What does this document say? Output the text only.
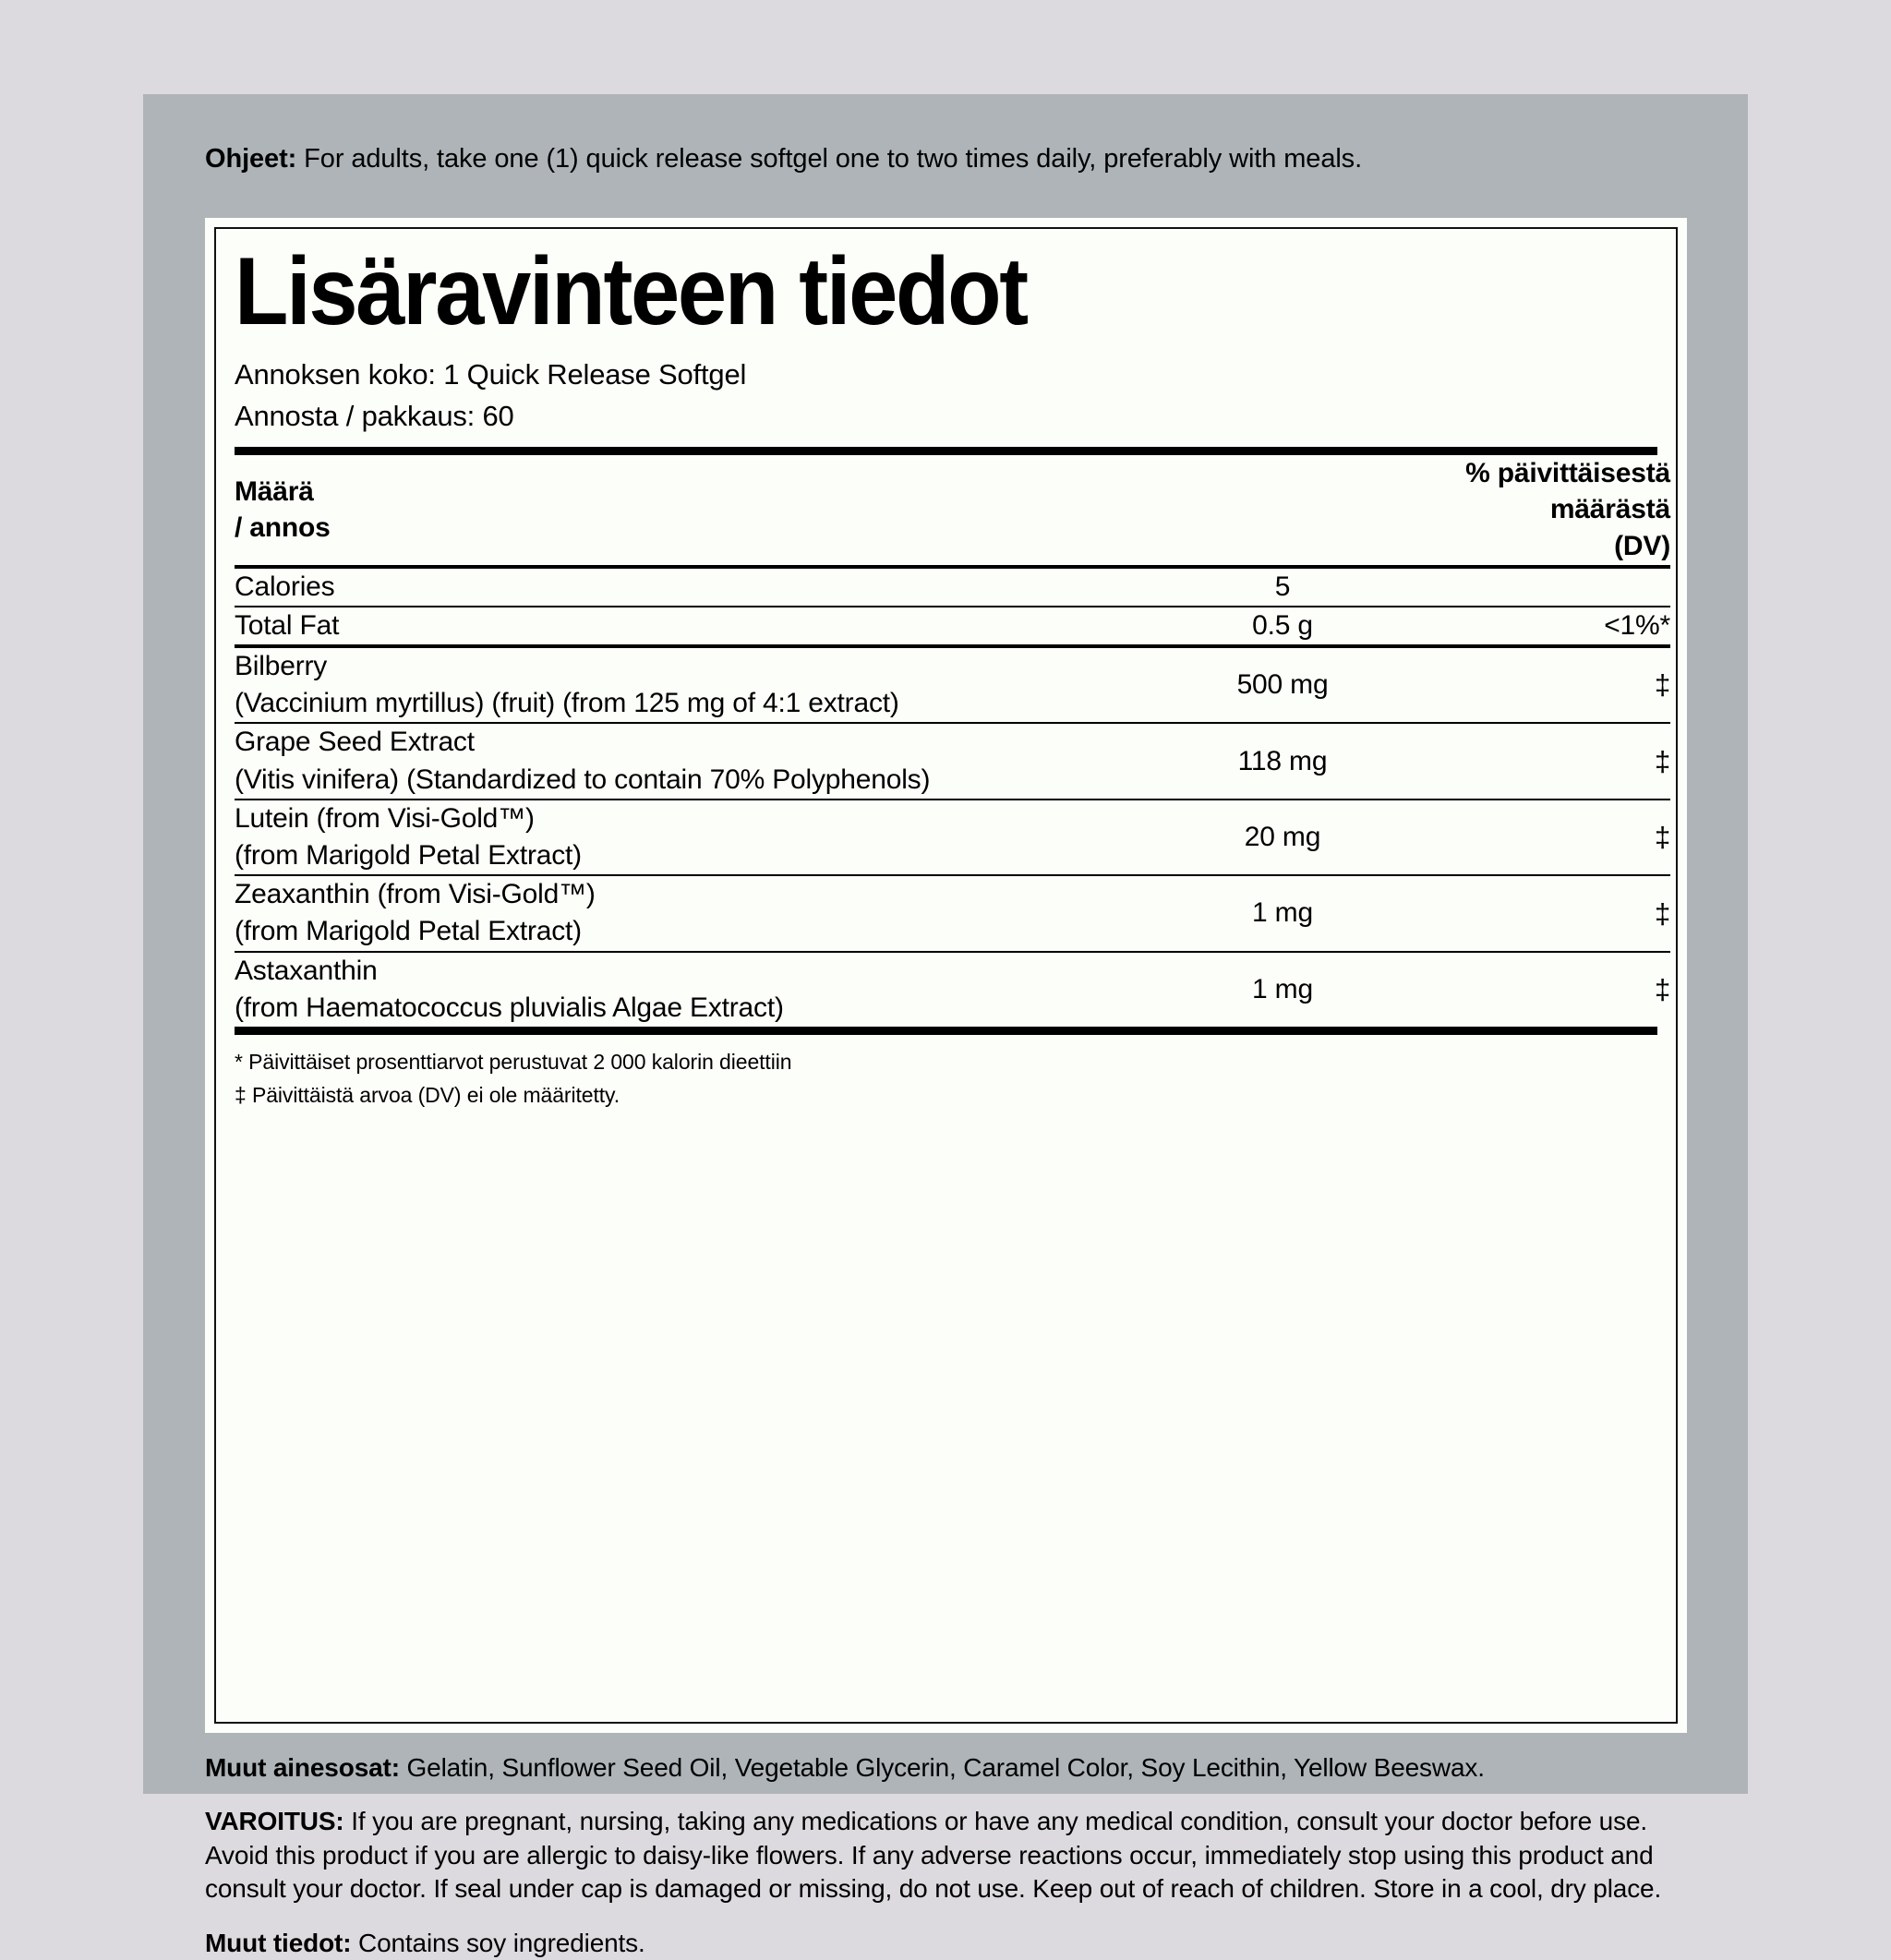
Ohjeet: For adults, take one (1) quick release softgel one to two times daily, preferably with meals.
Lisäravinteen tiedot
Annoksen koko: 1 Quick Release Softgel
Annosta / pakkaus: 60
Määrä
/ annos		% päivittäisestä
määrästä
(DV)

Calories	5	

Total Fat	0.5 g	<1%*

Bilberry
(Vaccinium myrtillus) (fruit) (from 125 mg of 4:1 extract)	500 mg	‡

Grape Seed Extract
(Vitis vinifera) (Standardized to contain 70% Polyphenols)	118 mg	‡

Lutein (from Visi-Gold™)
(from Marigold Petal Extract)	20 mg	‡

Zeaxanthin (from Visi-Gold™)
(from Marigold Petal Extract)	1 mg	‡

Astaxanthin
(from Haematococcus pluvialis Algae Extract)	1 mg	‡
* Päivittäiset prosenttiarvot perustuvat 2 000 kalorin dieettiin
‡ Päivittäistä arvoa (DV) ei ole määritetty.

Muut ainesosat: Gelatin, Sunflower Seed Oil, Vegetable Glycerin, Caramel Color, Soy Lecithin, Yellow Beeswax.

VAROITUS: If you are pregnant, nursing, taking any medications or have any medical condition, consult your doctor before use. Avoid this product if you are allergic to daisy-like flowers. If any adverse reactions occur, immediately stop using this product and consult your doctor. If seal under cap is damaged or missing, do not use. Keep out of reach of children. Store in a cool, dry place.

Muut tiedot: Contains soy ingredients.
